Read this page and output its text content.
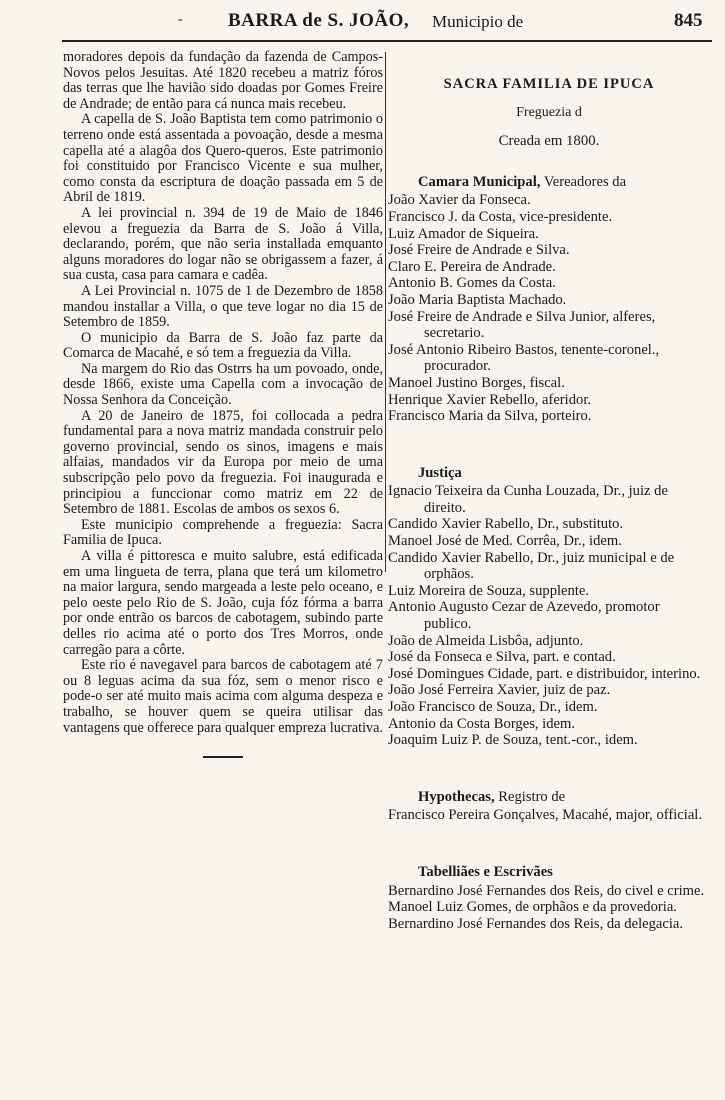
- BARRA de S. JOÃO, Municipio de	845

moradores depois da fundação da fazenda de Campos-Novos pelos Jesuitas. Até 1820 recebeu a matriz fóros das terras que lhe havião sido doadas por Gomes Freire de Andrade; de então para cá nunca mais recebeu.

A capella de S. João Baptista tem como patrimonio o terreno onde está assentada a povoação, desde a mesma capella até a alagôa dos Quero-queros. Este patrimonio foi constituido por Francisco Vicente e sua mulher, como consta da escriptura de doação passada em 5 de Abril de 1819.

A lei provincial n. 394 de 19 de Maio de 1846 elevou a freguezia da Barra de S. João á Villa, declarando, porém, que não seria installada emquanto alguns moradores do logar não se obrigassem a fazer, á sua custa, casa para camara e cadêa.

A Lei Provincial n. 1075 de 1 de Dezembro de 1858 mandou installar a Villa, o que teve logar no dia 15 de Setembro de 1859.

O municipio da Barra de S. João faz parte da Comarca de Macahé, e só tem a freguezia da Villa.

Na margem do Rio das Ostrrs ha um povoado, onde, desde 1866, existe uma Capella com a invocação de Nossa Senhora da Conceição.

A 20 de Janeiro de 1875, foi collocada a pedra fundamental para a nova matriz mandada construir pelo governo provincial, sendo os sinos, imagens e mais alfaias, mandados vir da Europa por meio de uma subscripção pelo povo da freguezia. Foi inaugurada e principiou a funccionar como matriz em 22 de Setembro de 1881. Escolas de ambos os sexos 6.

Este municipio comprehende a freguezia: Sacra Familia de Ipuca.

A villa é pittoresca e muito salubre, está edificada em uma lingueta de terra, plana que terá um kilometro na maior largura, sendo margeada a leste pelo oceano, e pelo oeste pelo Rio de S. João, cuja fóz fórma a barra por onde entrão os barcos de cabotagem, subindo parte delles rio acima até o porto dos Tres Morros, onde carregão para a côrte.

Este rio é navegavel para barcos de cabotagem até 7 ou 8 leguas acima da sua fóz, sem o menor risco e pode-o ser até muito mais acima com alguma despeza e trabalho, se houver quem se queira utilisar das vantagens que offerece para qualquer empreza lucrativa.

SACRA FAMILIA DE IPUCA
Freguezia d
Creada em 1800.
Camara Municipal, Vereadores da
João Xavier da Fonseca.
Francisco J. da Costa, vice-presidente.
Luiz Amador de Siqueira.
José Freire de Andrade e Silva.
Claro E. Pereira de Andrade.
Antonio B. Gomes da Costa.
João Maria Baptista Machado.
José Freire de Andrade e Silva Junior, alferes, secretario.
José Antonio Ribeiro Bastos, tenente-coronel., procurador.
Manoel Justino Borges, fiscal.
Henrique Xavier Rebello, aferidor.
Francisco Maria da Silva, porteiro.
Justiça
Ignacio Teixeira da Cunha Louzada, Dr., juiz de direito.
Candido Xavier Rabello, Dr., substituto.
Manoel José de Med. Corrêa, Dr., idem.
Candido Xavier Rabello, Dr., juiz municipal e de orphãos.
Luiz Moreira de Souza, supplente.
Antonio Augusto Cezar de Azevedo, promotor publico.
João de Almeida Lisbôa, adjunto.
José da Fonseca e Silva, part. e contad.
José Domingues Cidade, part. e distribuidor, interino.
João José Ferreira Xavier, juiz de paz.
João Francisco de Souza, Dr., idem.
Antonio da Costa Borges, idem.
Joaquim Luiz P. de Souza, tent.-cor., idem.
Hypothecas, Registro de
Francisco Pereira Gonçalves, Macahé, major, official.
Tabelliães e Escrivães
Bernardino José Fernandes dos Reis, do civel e crime.
Manoel Luiz Gomes, de orphãos e da provedoria.
Bernardino José Fernandes dos Reis, da delegacia.
